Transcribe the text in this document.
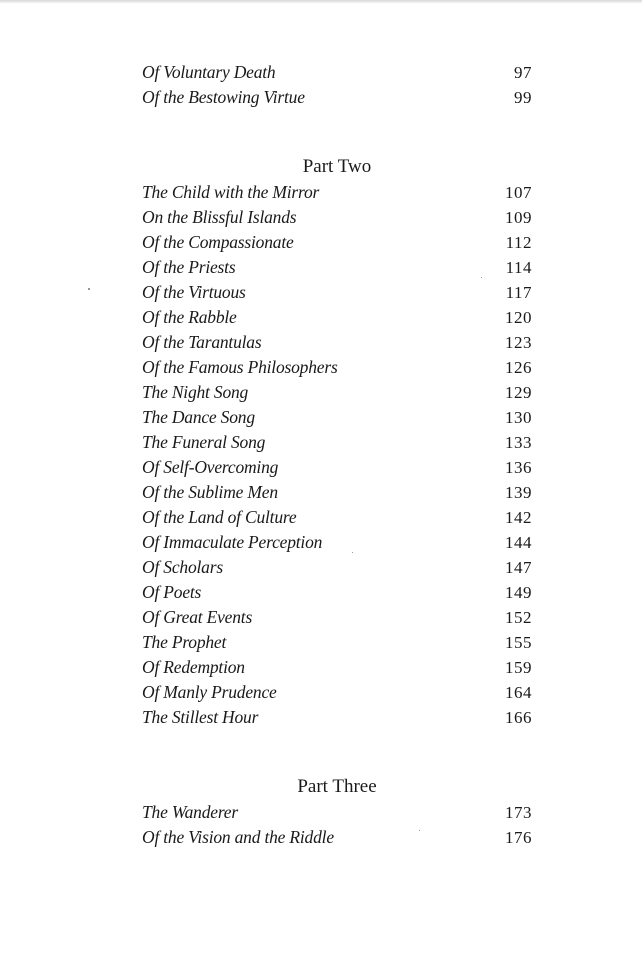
Of Voluntary Death	97
Of the Bestowing Virtue	99
Part Two
The Child with the Mirror	107
On the Blissful Islands	109
Of the Compassionate	112
Of the Priests	114
Of the Virtuous	117
Of the Rabble	120
Of the Tarantulas	123
Of the Famous Philosophers	126
The Night Song	129
The Dance Song	130
The Funeral Song	133
Of Self-Overcoming	136
Of the Sublime Men	139
Of the Land of Culture	142
Of Immaculate Perception	144
Of Scholars	147
Of Poets	149
Of Great Events	152
The Prophet	155
Of Redemption	159
Of Manly Prudence	164
The Stillest Hour	166
Part Three
The Wanderer	173
Of the Vision and the Riddle	176
